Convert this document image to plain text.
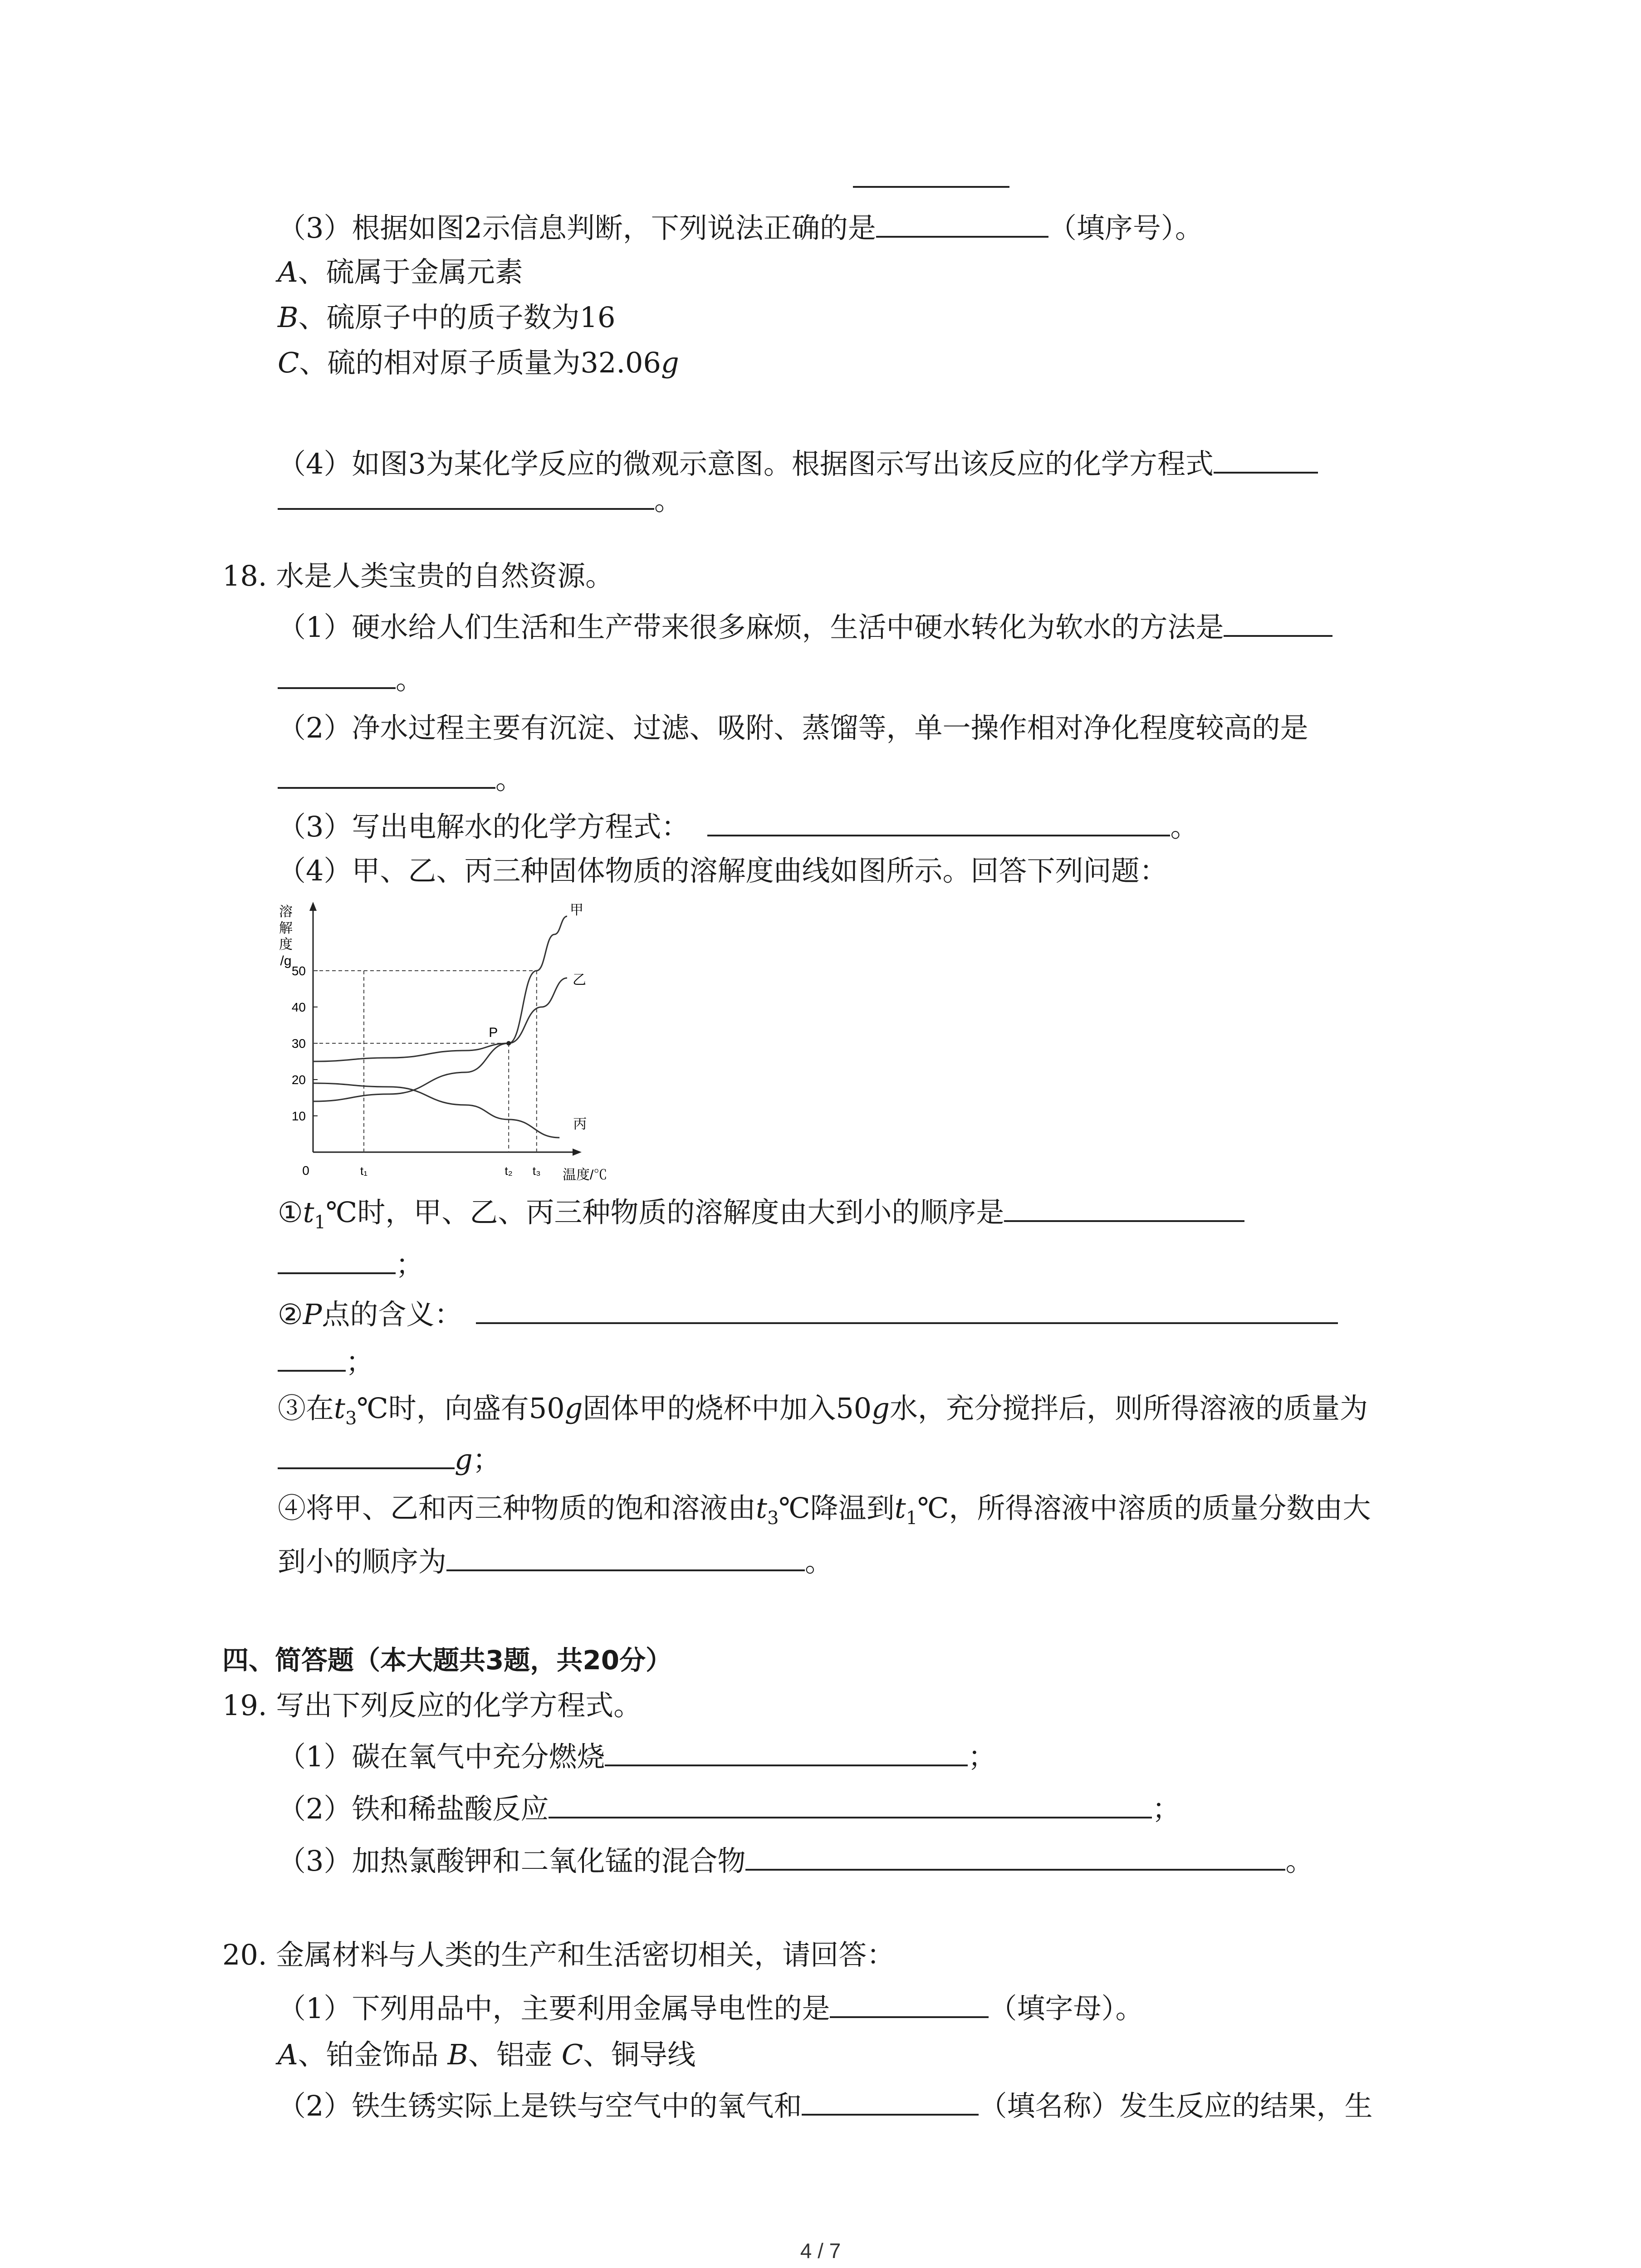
（3）根据如图2示信息判断，下列说法正确的是	（填序号）。
A、硫属于金属元素
B、硫原子中的质子数为16
C、硫的相对原子质量为32.06g
（4）如图3为某化学反应的微观示意图。根据图示写出该反应的化学方程式
。
18. 水是人类宝贵的自然资源。
（1）硬水给人们生活和生产带来很多麻烦，生活中硬水转化为软水的方法是
。
（2）净水过程主要有沉淀、过滤、吸附、蒸馏等，单一操作相对净化程度较高的是
。
（3）写出电解水的化学方程式：	。
（4）甲、乙、丙三种固体物质的溶解度曲线如图所示。回答下列问题：
溶
解
度
/g
10
20
30
40
50
0	t₁	t₂ t₃ 温度/℃
甲
乙
丙
P
$①t_1℃$时，甲、乙、丙三种物质的溶解度由大到小的顺序是
；
②P点的含义：
；
③在$t_3℃$时，向盛有50g固体甲的烧杯中加入50g水，充分搅拌后，则所得溶液的质量为
g；
④将甲、乙和丙三种物质的饱和溶液由$t_3℃$降温到$t_1℃$，所得溶液中溶质的质量分数由大
到小的顺序为	。
四、简答题（本大题共3题，共20分）
19. 写出下列反应的化学方程式。
（1）碳在氧气中充分燃烧	；
（2）铁和稀盐酸反应	；
（3）加热氯酸钾和二氧化锰的混合物	。
20. 金属材料与人类的生产和生活密切相关，请回答：
（1）下列用品中，主要利用金属导电性的是	（填字母）。
A、铂金饰品 B、铝壶 C、铜导线
（2）铁生锈实际上是铁与空气中的氧气和	（填名称）发生反应的结果，生
4 / 7
